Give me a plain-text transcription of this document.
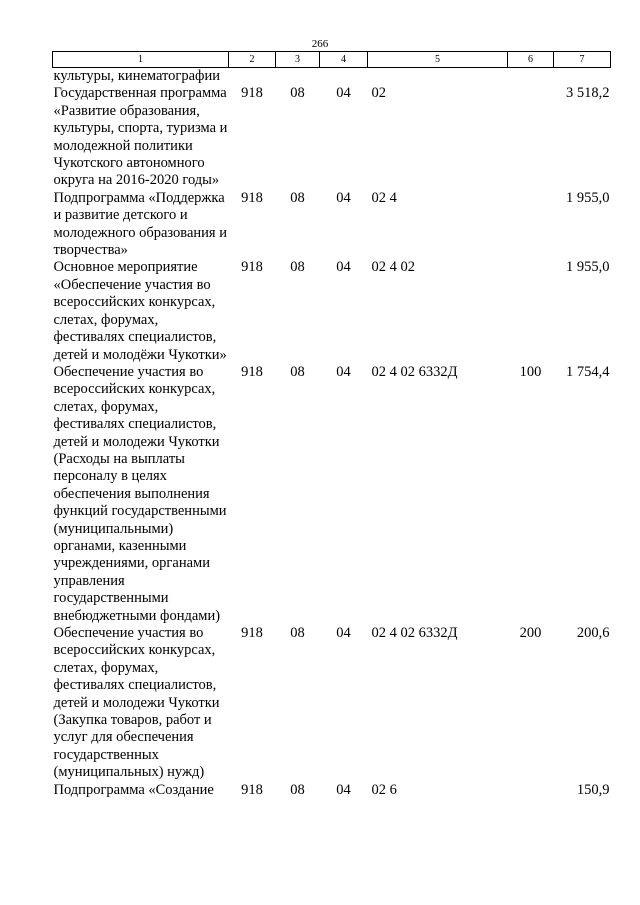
266
1	2	3	4	5	6	7
культуры, кинематографии						
Государственная программа «Развитие образования, культуры, спорта, туризма и молодежной политики Чукотского автономного округа на 2016-2020 годы»	918	08	04	02		3 518,2
Подпрограмма «Поддержка и развитие детского и молодежного образования и творчества»	918	08	04	02 4		1 955,0
Основное мероприятие «Обеспечение участия во всероссийских конкурсах, слетах, форумах, фестивалях специалистов, детей и молодёжи Чукотки»	918	08	04	02 4 02		1 955,0
Обеспечение участия во всероссийских конкурсах, слетах, форумах, фестивалях специалистов, детей и молодежи Чукотки (Расходы на выплаты персоналу в целях обеспечения выполнения функций государственными (муниципальными) органами, казенными учреждениями, органами управления государственными внебюджетными фондами)	918	08	04	02 4 02 6332Д	100	1 754,4
Обеспечение участия во всероссийских конкурсах, слетах, форумах, фестивалях специалистов, детей и молодежи Чукотки (Закупка товаров, работ и услуг для обеспечения государственных (муниципальных) нужд)	918	08	04	02 4 02 6332Д	200	200,6
Подпрограмма «Создание	918	08	04	02 6		150,9
